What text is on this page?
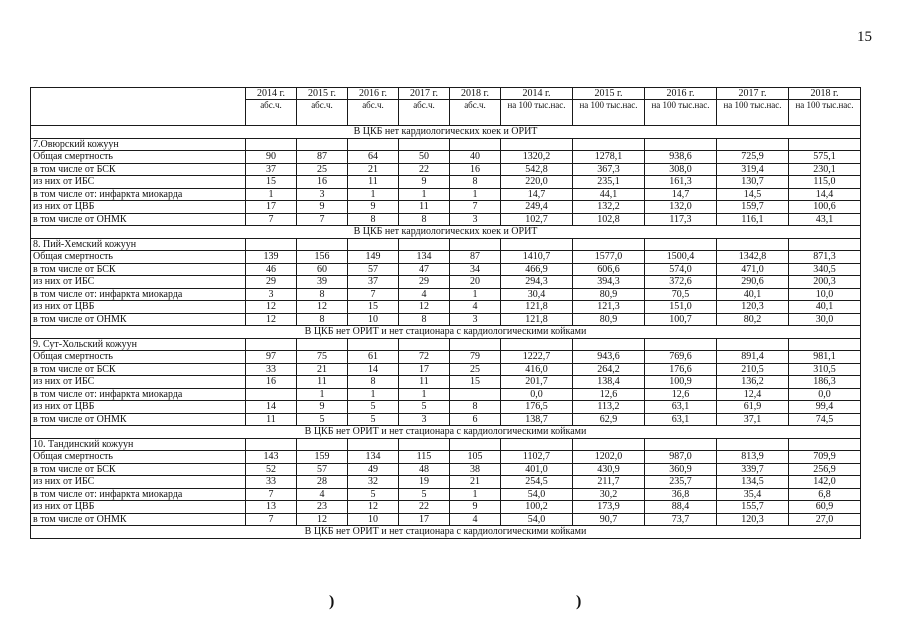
15
	2014 г.	2015 г.	2016 г.	2017 г.	2018 г.	2014 г.	2015 г.	2016 г.	2017 г.	2018 г.
	абс.ч.	абс.ч.	абс.ч.	абс.ч.	абс.ч.	на 100 тыс.нас.	на 100 тыс.нас.	на 100 тыс.нас.	на 100 тыс.нас.	на 100 тыс.нас.
В ЦКБ нет кардиологических коек и ОРИТ										
7.Овюрский кожуун										
Общая смертность	90	87	64	50	40	1320,2	1278,1	938,6	725,9	575,1
в том числе от БСК	37	25	21	22	16	542,8	367,3	308,0	319,4	230,1
из них от ИБС	15	16	11	9	8	220,0	235,1	161,3	130,7	115,0
в том числе от: инфаркта миокарда	1	3	1	1	1	14,7	44,1	14,7	14,5	14,4
из них от ЦВБ	17	9	9	11	7	249,4	132,2	132,0	159,7	100,6
в том числе от ОНМК	7	7	8	8	3	102,7	102,8	117,3	116,1	43,1
В ЦКБ нет кардиологических коек и ОРИТ										
8. Пий-Хемский кожуун										
Общая смертность	139	156	149	134	87	1410,7	1577,0	1500,4	1342,8	871,3
в том числе от БСК	46	60	57	47	34	466,9	606,6	574,0	471,0	340,5
из них от ИБС	29	39	37	29	20	294,3	394,3	372,6	290,6	200,3
в том числе от: инфаркта миокарда	3	8	7	4	1	30,4	80,9	70,5	40,1	10,0
из них от ЦВБ	12	12	15	12	4	121,8	121,3	151,0	120,3	40,1
в том числе от ОНМК	12	8	10	8	3	121,8	80,9	100,7	80,2	30,0
В ЦКБ нет ОРИТ и нет стационара с кардиологическими койками										
9. Сут-Хольский кожуун										
Общая смертность	97	75	61	72	79	1222,7	943,6	769,6	891,4	981,1
в том числе от БСК	33	21	14	17	25	416,0	264,2	176,6	210,5	310,5
из них от ИБС	16	11	8	11	15	201,7	138,4	100,9	136,2	186,3
в том числе от: инфаркта миокарда		1	1	1		0,0	12,6	12,6	12,4	0,0
из них от ЦВБ	14	9	5	5	8	176,5	113,2	63,1	61,9	99,4
в том числе от ОНМК	11	5	5	3	6	138,7	62,9	63,1	37,1	74,5
В ЦКБ нет ОРИТ и нет стационара с кардиологическими койками										
10. Тандинский кожуун										
Общая смертность	143	159	134	115	105	1102,7	1202,0	987,0	813,9	709,9
в том числе от БСК	52	57	49	48	38	401,0	430,9	360,9	339,7	256,9
из них от ИБС	33	28	32	19	21	254,5	211,7	235,7	134,5	142,0
в том числе от: инфаркта миокарда	7	4	5	5	1	54,0	30,2	36,8	35,4	6,8
из них от ЦВБ	13	23	12	22	9	100,2	173,9	88,4	155,7	60,9
в том числе от ОНМК	7	12	10	17	4	54,0	90,7	73,7	120,3	27,0
В ЦКБ нет ОРИТ и нет стационара с кардиологическими койками										
)	)
